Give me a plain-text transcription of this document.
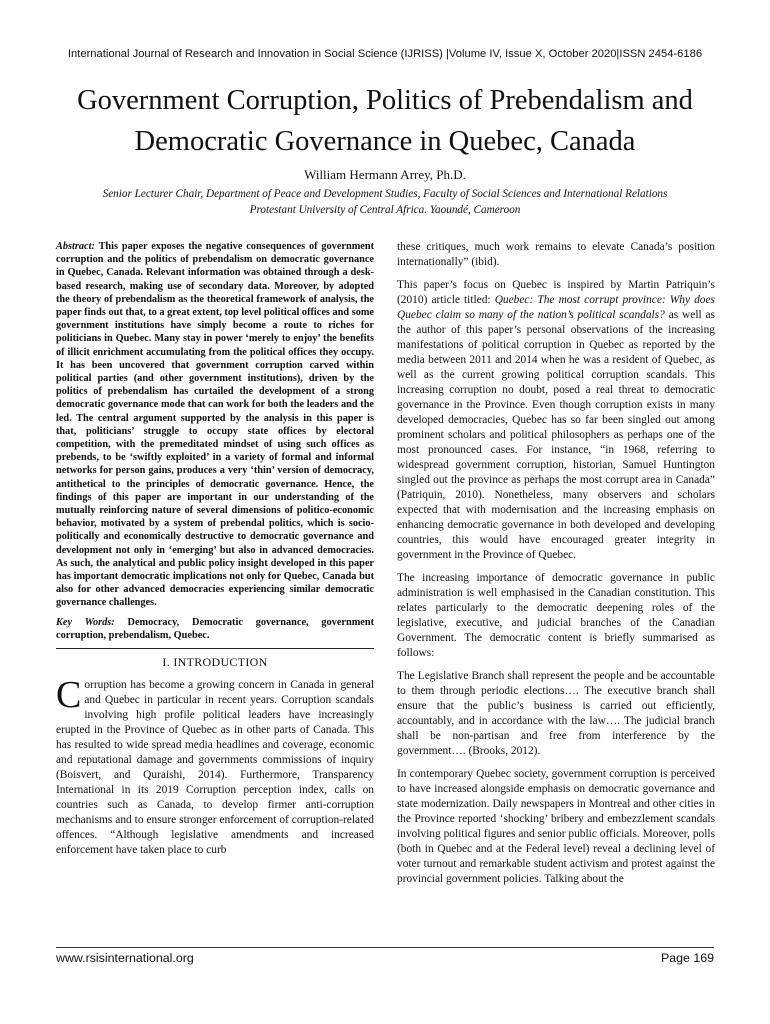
International Journal of Research and Innovation in Social Science (IJRISS) |Volume IV, Issue X, October 2020|ISSN 2454-6186
Government Corruption, Politics of Prebendalism and
Democratic Governance in Quebec, Canada
William Hermann Arrey, Ph.D.
Senior Lecturer Chair, Department of Peace and Development Studies, Faculty of Social Sciences and International Relations
Protestant University of Central Africa. Yaoundé, Cameroon

Abstract: This paper exposes the negative consequences of government corruption and the politics of prebendalism on democratic governance in Quebec, Canada. Relevant information was obtained through a desk-based research, making use of secondary data. Moreover, by adopted the theory of prebendalism as the theoretical framework of analysis, the paper finds out that, to a great extent, top level political offices and some government institutions have simply become a route to riches for politicians in Quebec. Many stay in power ‘merely to enjoy’ the benefits of illicit enrichment accumulating from the political offices they occupy. It has been uncovered that government corruption carved within political parties (and other government institutions), driven by the politics of prebendalism has curtailed the development of a strong democratic governance mode that can work for both the leaders and the led. The central argument supported by the analysis in this paper is that, politicians’ struggle to occupy state offices by electoral competition, with the premeditated mindset of using such offices as prebends, to be ‘swiftly exploited’ in a variety of formal and informal networks for person gains, produces a very ‘thin’ version of democracy, antithetical to the principles of democratic governance. Hence, the findings of this paper are important in our understanding of the mutually reinforcing nature of several dimensions of politico-economic behavior, motivated by a system of prebendal politics, which is socio-politically and economically destructive to democratic governance and development not only in ‘emerging’ but also in advanced democracies. As such, the analytical and public policy insight developed in this paper has important democratic implications not only for Quebec, Canada but also for other advanced democracies experiencing similar democratic governance challenges.

Key Words: Democracy, Democratic governance, government corruption, prebendalism, Quebec.

I. INTRODUCTION

Corruption has become a growing concern in Canada in general and Quebec in particular in recent years. Corruption scandals involving high profile political leaders have increasingly erupted in the Province of Quebec as in other parts of Canada. This has resulted to wide spread media headlines and coverage, economic and reputational damage and governments commissions of inquiry (Boisvert, and Quraishi, 2014). Furthermore, Transparency International in its 2019 Corruption perception index, calls on countries such as Canada, to develop firmer anti-corruption mechanisms and to ensure stronger enforcement of corruption-related offences. “Although legislative amendments and increased enforcement have taken place to curb

these critiques, much work remains to elevate Canada’s position internationally” (ibid).

This paper’s focus on Quebec is inspired by Martin Patriquin’s (2010) article titled: Quebec: The most corrupt province: Why does Quebec claim so many of the nation’s political scandals? as well as the author of this paper’s personal observations of the increasing manifestations of political corruption in Quebec as reported by the media between 2011 and 2014 when he was a resident of Quebec, as well as the current growing political corruption scandals. This increasing corruption no doubt, posed a real threat to democratic governance in the Province. Even though corruption exists in many developed democracies, Quebec has so far been singled out among prominent scholars and political philosophers as perhaps one of the most pronounced cases. For instance, “in 1968, referring to widespread government corruption, historian, Samuel Huntington singled out the province as perhaps the most corrupt area in Canada” (Patriquin, 2010). Nonetheless, many observers and scholars expected that with modernisation and the increasing emphasis on enhancing democratic governance in both developed and developing countries, this would have encouraged greater integrity in government in the Province of Quebec.

The increasing importance of democratic governance in public administration is well emphasised in the Canadian constitution. This relates particularly to the democratic deepening roles of the legislative, executive, and judicial branches of the Canadian Government. The democratic content is briefly summarised as follows:

The Legislative Branch shall represent the people and be accountable to them through periodic elections…. The executive branch shall ensure that the public’s business is carried out efficiently, accountably, and in accordance with the law…. The judicial branch shall be non-partisan and free from interference by the government…. (Brooks, 2012).

In contemporary Quebec society, government corruption is perceived to have increased alongside emphasis on democratic governance and state modernization. Daily newspapers in Montreal and other cities in the Province reported ‘shocking’ bribery and embezzlement scandals involving political figures and senior public officials. Moreover, polls (both in Quebec and at the Federal level) reveal a declining level of voter turnout and remarkable student activism and protest against the provincial government policies. Talking about the

www.rsisinternational.org	Page 169
